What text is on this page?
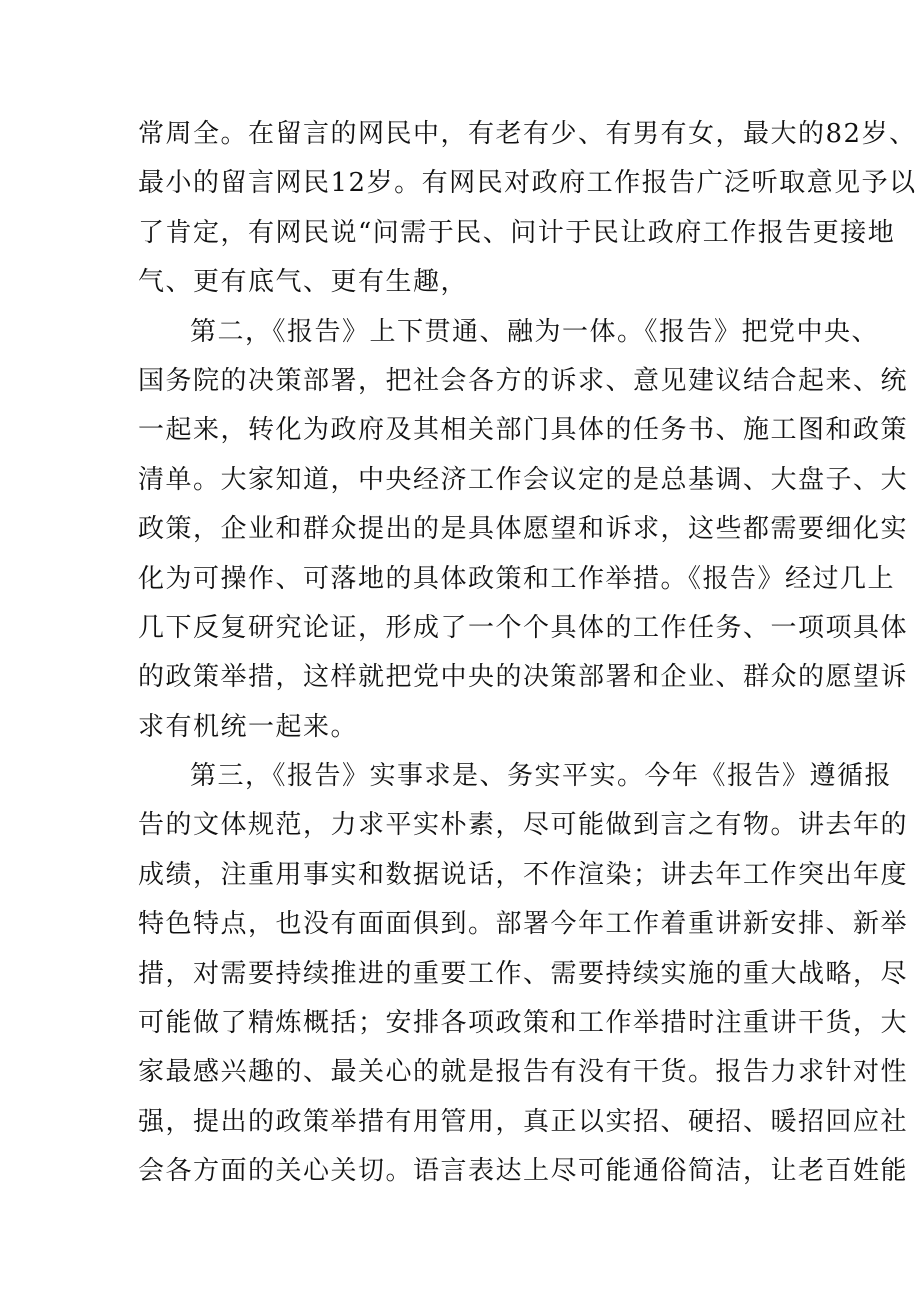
常周全。在留言的网民中，有老有少、有男有女，最大的82岁、
最小的留言网民12岁。有网民对政府工作报告广泛听取意见予以
了肯定，有网民说“问需于民、问计于民让政府工作报告更接地
气、更有底气、更有生趣，
第二，《报告》上下贯通、融为一体。《报告》把党中央、
国务院的决策部署，把社会各方的诉求、意见建议结合起来、统
一起来，转化为政府及其相关部门具体的任务书、施工图和政策
清单。大家知道，中央经济工作会议定的是总基调、大盘子、大
政策，企业和群众提出的是具体愿望和诉求，这些都需要细化实
化为可操作、可落地的具体政策和工作举措。《报告》经过几上
几下反复研究论证，形成了一个个具体的工作任务、一项项具体
的政策举措，这样就把党中央的决策部署和企业、群众的愿望诉
求有机统一起来。
第三，《报告》实事求是、务实平实。今年《报告》遵循报
告的文体规范，力求平实朴素，尽可能做到言之有物。讲去年的
成绩，注重用事实和数据说话，不作渲染；讲去年工作突出年度
特色特点，也没有面面俱到。部署今年工作着重讲新安排、新举
措，对需要持续推进的重要工作、需要持续实施的重大战略，尽
可能做了精炼概括；安排各项政策和工作举措时注重讲干货，大
家最感兴趣的、最关心的就是报告有没有干货。报告力求针对性
强，提出的政策举措有用管用，真正以实招、硬招、暖招回应社
会各方面的关心关切。语言表达上尽可能通俗简洁，让老百姓能
